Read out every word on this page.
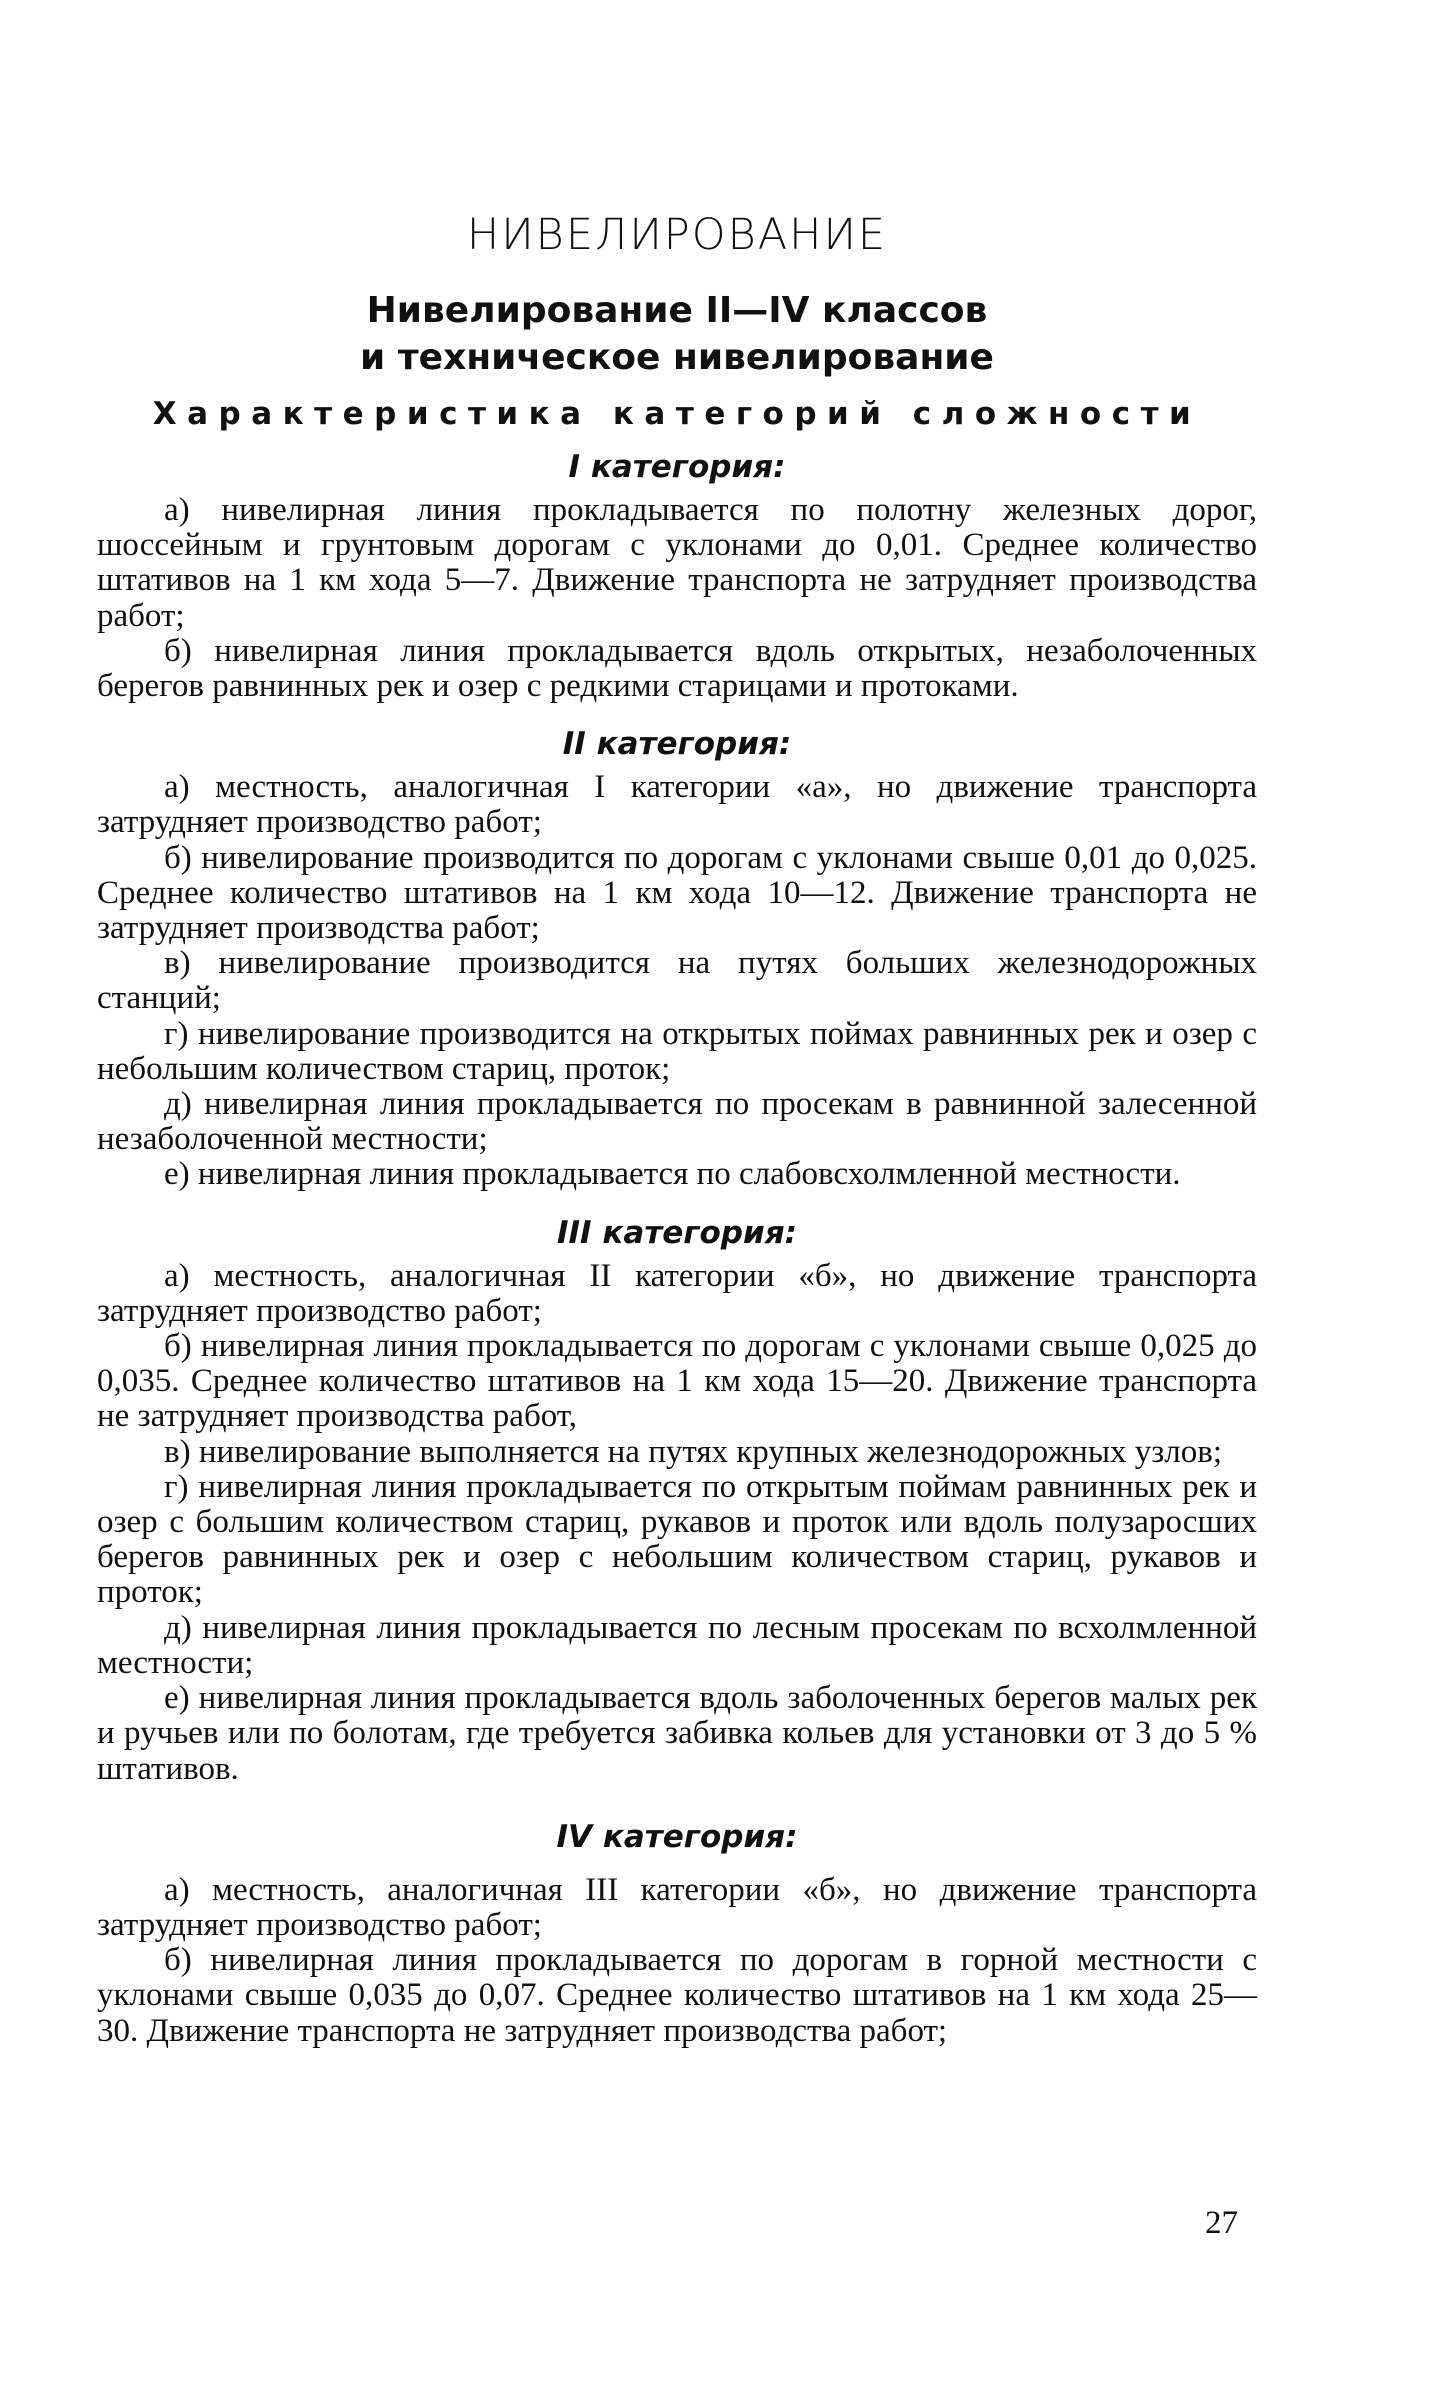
НИВЕЛИРОВАНИЕ
Нивелирование II—IV классов
и техническое нивелирование
Характеристика категорий сложности
I категория:

а) нивелирная линия прокладывается по полотну железных дорог, шоссейным и грунтовым дорогам с уклонами до 0,01. Среднее количество штативов на 1 км хода 5—7. Движение транспорта не затрудняет производства работ;

б) нивелирная линия прокладывается вдоль открытых, незаболоченных берегов равнинных рек и озер с редкими старицами и протоками.

II категория:

а) местность, аналогичная I категории «а», но движение транспорта затрудняет производство работ;

б) нивелирование производится по дорогам с уклонами свыше 0,01 до 0,025. Среднее количество штативов на 1 км хода 10—12. Движение транспорта не затрудняет производства работ;

в) нивелирование производится на путях больших железнодорожных станций;

г) нивелирование производится на открытых поймах равнинных рек и озер с небольшим количеством стариц, проток;

д) нивелирная линия прокладывается по просекам в равнинной залесенной незаболоченной местности;

е) нивелирная линия прокладывается по слабовсхолмленной местности.

III категория:

а) местность, аналогичная II категории «б», но движение транспорта затрудняет производство работ;

б) нивелирная линия прокладывается по дорогам с уклонами свыше 0,025 до 0,035. Среднее количество штативов на 1 км хода 15—20. Движение транспорта не затрудняет производства работ,

в) нивелирование выполняется на путях крупных железнодорожных узлов;

г) нивелирная линия прокладывается по открытым поймам равнинных рек и озер с большим количеством стариц, рукавов и проток или вдоль полузаросших берегов равнинных рек и озер с небольшим количеством стариц, рукавов и проток;

д) нивелирная линия прокладывается по лесным просекам по всхолмленной местности;

е) нивелирная линия прокладывается вдоль заболоченных берегов малых рек и ручьев или по болотам, где требуется забивка кольев для установки от 3 до 5 % штативов.

IV категория:

а) местность, аналогичная III категории «б», но движение транспорта затрудняет производство работ;

б) нивелирная линия прокладывается по дорогам в горной местности с уклонами свыше 0,035 до 0,07. Среднее количество штативов на 1 км хода 25—30. Движение транспорта не затрудняет производства работ;

27
